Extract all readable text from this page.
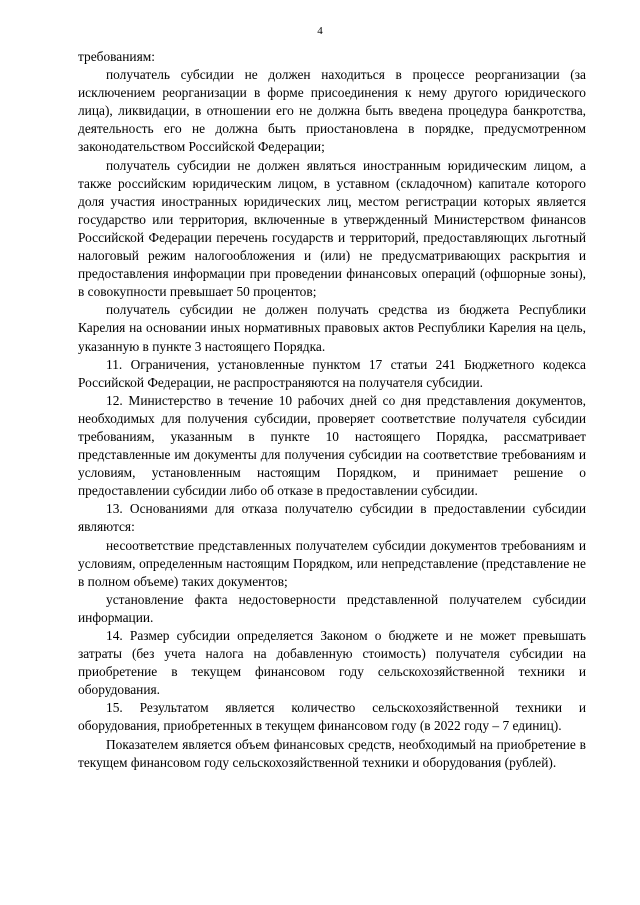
4

требованиям:

получатель субсидии не должен находиться в процессе реорганизации (за исключением реорганизации в форме присоединения к нему другого юридического лица), ликвидации, в отношении его не должна быть введена процедура банкротства, деятельность его не должна быть приостановлена в порядке, предусмотренном законодательством Российской Федерации;

получатель субсидии не должен являться иностранным юридическим лицом, а также российским юридическим лицом, в уставном (складочном) капитале которого доля участия иностранных юридических лиц, местом регистрации которых является государство или территория, включенные в утвержденный Министерством финансов Российской Федерации перечень государств и территорий, предоставляющих льготный налоговый режим налогообложения и (или) не предусматривающих раскрытия и предоставления информации при проведении финансовых операций (офшорные зоны), в совокупности превышает 50 процентов;

получатель субсидии не должен получать средства из бюджета Республики Карелия на основании иных нормативных правовых актов Республики Карелия на цель, указанную в пункте 3 настоящего Порядка.

11. Ограничения, установленные пунктом 17 статьи 241 Бюджетного кодекса Российской Федерации, не распространяются на получателя субсидии.

12. Министерство в течение 10 рабочих дней со дня представления документов, необходимых для получения субсидии, проверяет соответствие получателя субсидии требованиям, указанным в пункте 10 настоящего Порядка, рассматривает представленные им документы для получения субсидии на соответствие требованиям и условиям, установленным настоящим Порядком, и принимает решение о предоставлении субсидии либо об отказе в предоставлении субсидии.

13. Основаниями для отказа получателю субсидии в предоставлении субсидии являются:

несоответствие представленных получателем субсидии документов требованиям и условиям, определенным настоящим Порядком, или непредставление (представление не в полном объеме) таких документов;

установление факта недостоверности представленной получателем субсидии информации.

14. Размер субсидии определяется Законом о бюджете и не может превышать затраты (без учета налога на добавленную стоимость) получателя субсидии на приобретение в текущем финансовом году сельскохозяйственной техники и оборудования.

15. Результатом является количество сельскохозяйственной техники и оборудования, приобретенных в текущем финансовом году (в 2022 году – 7 единиц).

Показателем является объем финансовых средств, необходимый на приобретение в текущем финансовом году сельскохозяйственной техники и оборудования (рублей).
